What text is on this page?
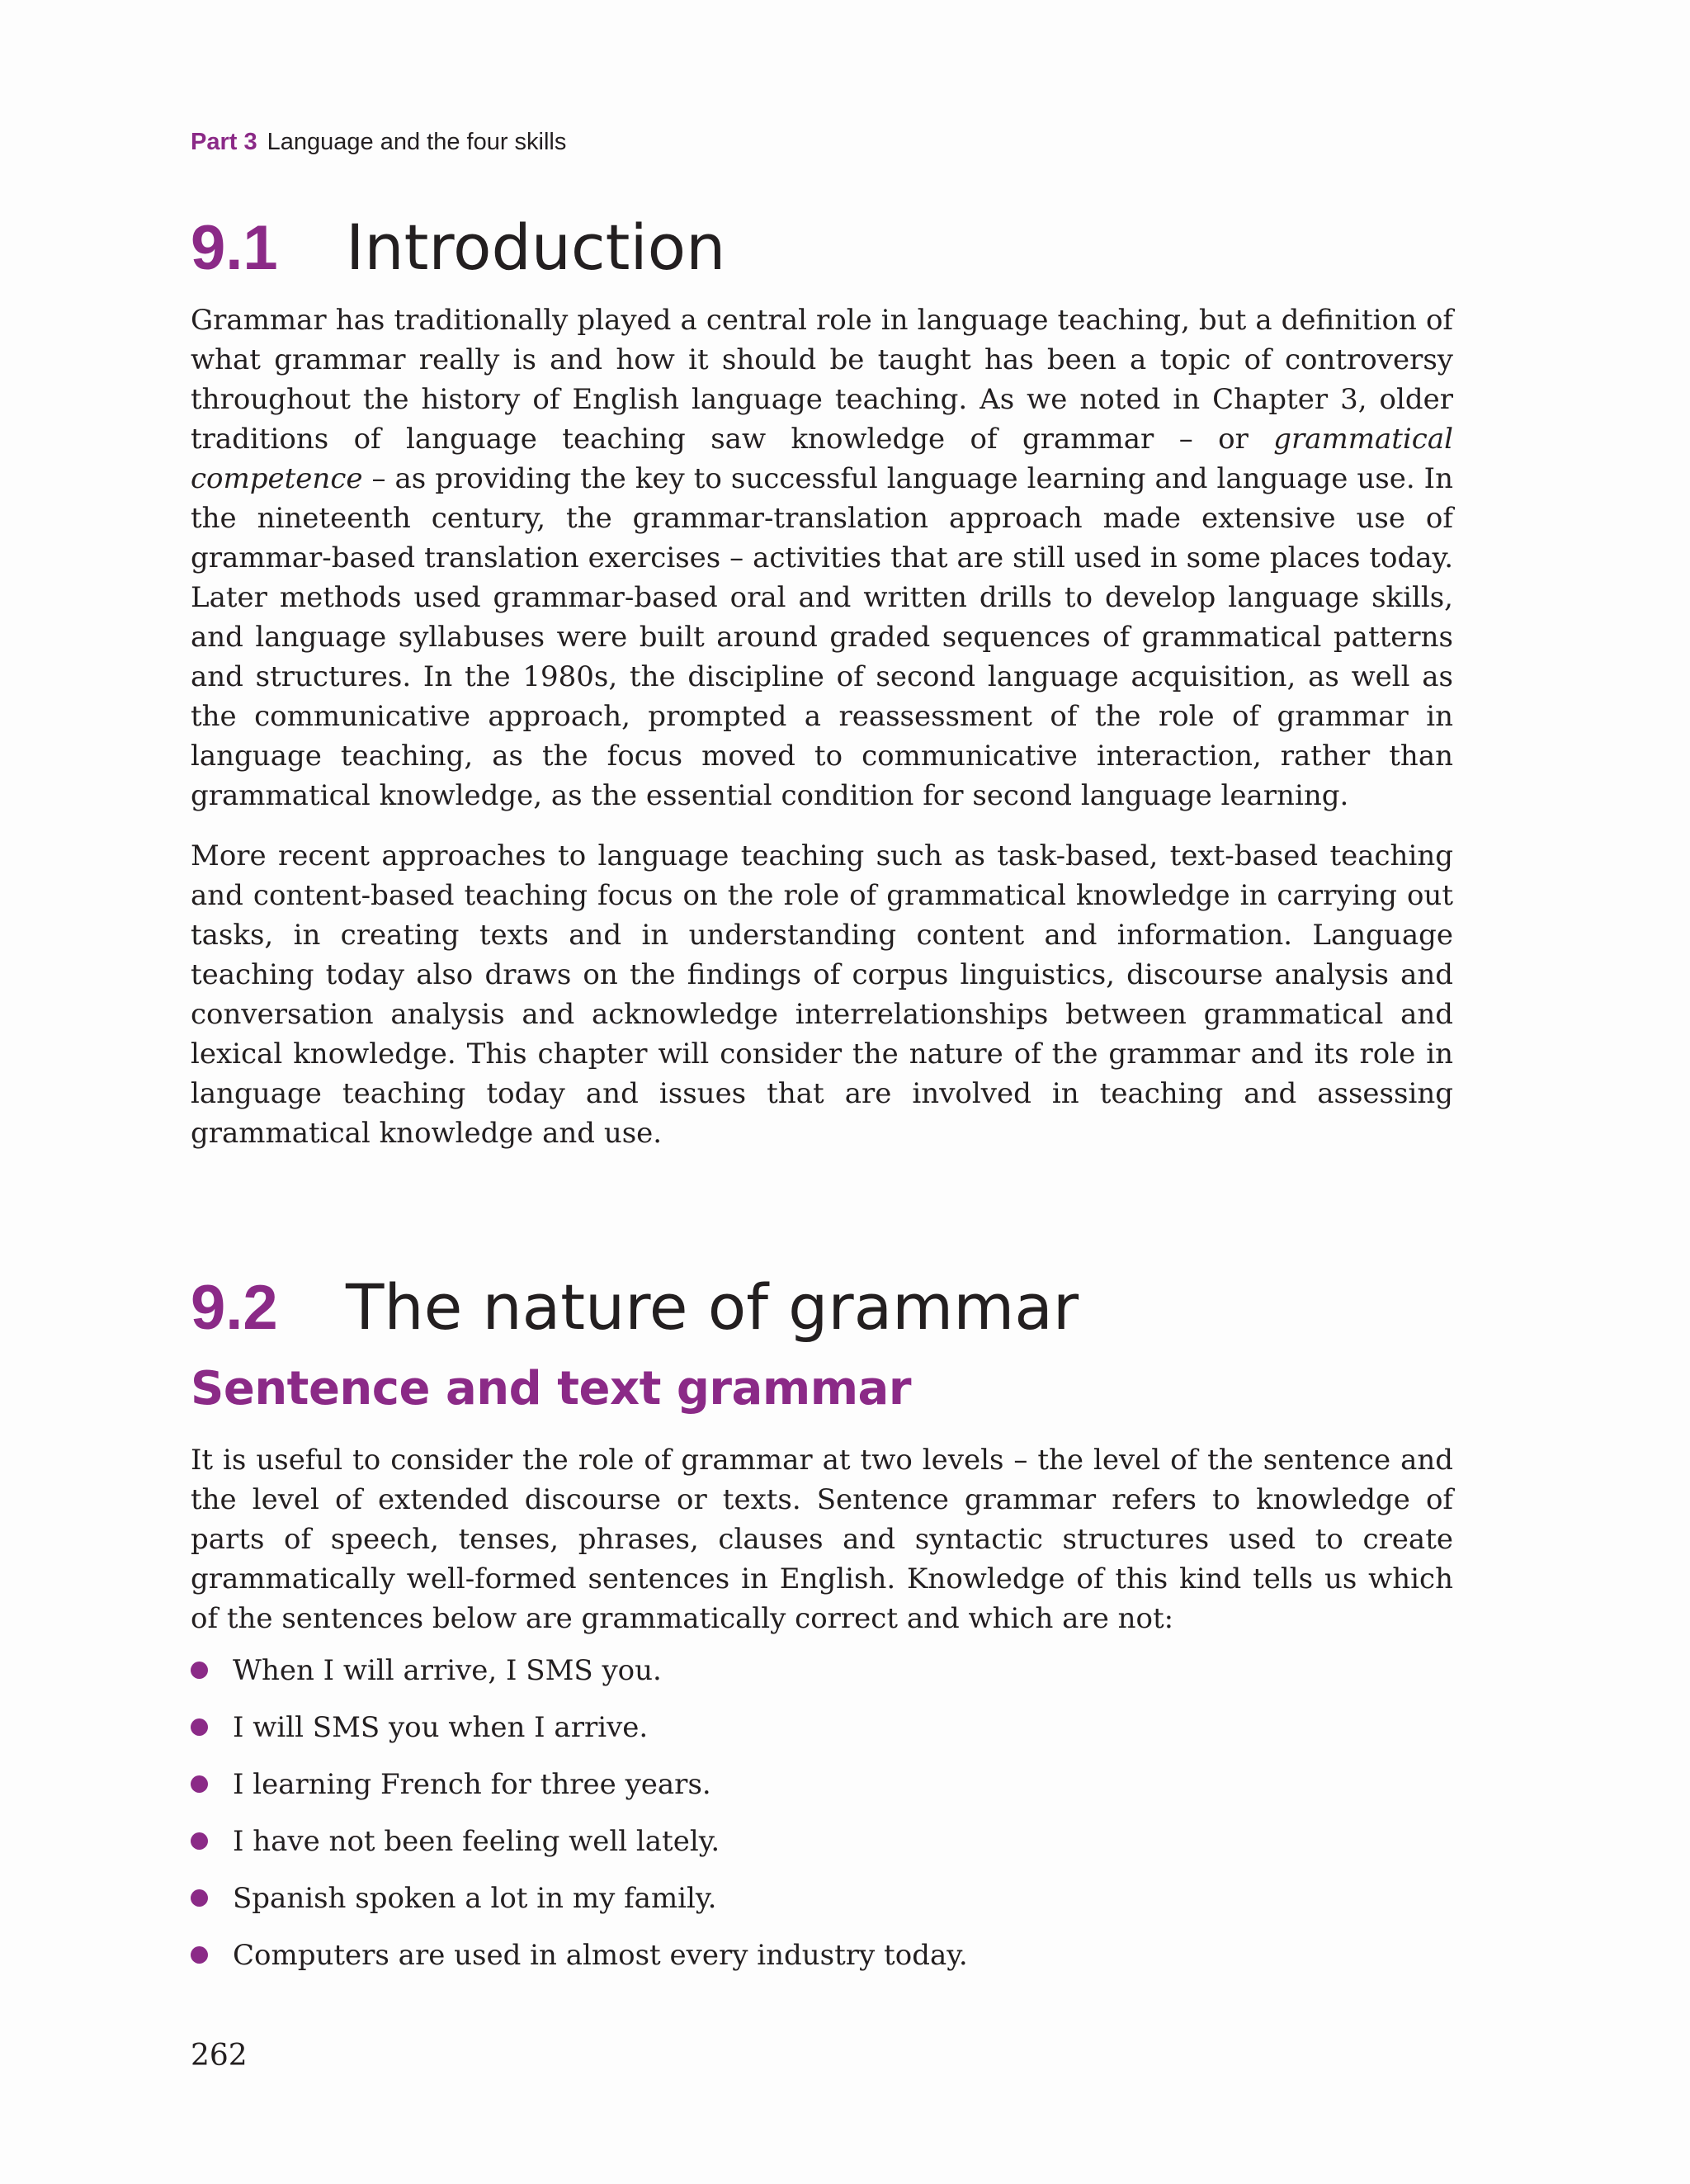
Part 3 Language and the four skills
9.1 Introduction

Grammar has traditionally played a central role in language teaching, but a definition of what grammar really is and how it should be taught has been a topic of controversy throughout the history of English language teaching. As we noted in Chapter 3, older traditions of language teaching saw knowledge of grammar – or grammatical competence – as providing the key to successful language learning and language use. In the nineteenth century, the grammar-translation approach made extensive use of grammar-based translation exercises – activities that are still used in some places today. Later methods used grammar-based oral and written drills to develop language skills, and language syllabuses were built around graded sequences of grammatical patterns and structures. In the 1980s, the discipline of second language acquisition, as well as the communicative approach, prompted a reassessment of the role of grammar in language teaching, as the focus moved to communicative interaction, rather than grammatical knowledge, as the essential condition for second language learning.

More recent approaches to language teaching such as task-based, text-based teaching and content-based teaching focus on the role of grammatical knowledge in carrying out tasks, in creating texts and in understanding content and information. Language teaching today also draws on the findings of corpus linguistics, discourse analysis and conversation analysis and acknowledge interrelationships between grammatical and lexical knowledge. This chapter will consider the nature of the grammar and its role in language teaching today and issues that are involved in teaching and assessing grammatical knowledge and use.

9.2 The nature of grammar
Sentence and text grammar

It is useful to consider the role of grammar at two levels – the level of the sentence and the level of extended discourse or texts. Sentence grammar refers to knowledge of parts of speech, tenses, phrases, clauses and syntactic structures used to create grammatically well-formed sentences in English. Knowledge of this kind tells us which of the sentences below are grammatically correct and which are not:

When I will arrive, I SMS you.
I will SMS you when I arrive.
I learning French for three years.
I have not been feeling well lately.
Spanish spoken a lot in my family.
Computers are used in almost every industry today.
262
